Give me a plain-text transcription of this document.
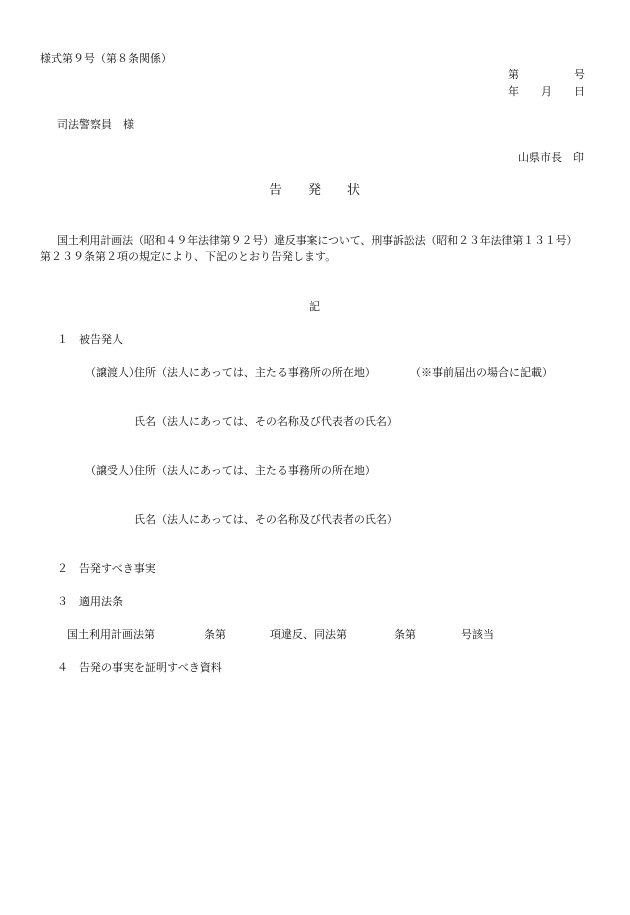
様式第９号（第８条関係）
第	号
年 月 日
司法警察員　様
山県市長　印
告　　発　　状
国土利用計画法（昭和４９年法律第９２号）違反事案について、刑事訴訟法（昭和２３年法律第１３１号）
第２３９条第２項の規定により、下記のとおり告発します。
記
１　被告発人
（譲渡人）
住所（法人にあっては、主たる事務所の所在地）	（※事前届出の場合に記載）
氏名（法人にあっては、その名称及び代表者の氏名）
（譲受人）
住所（法人にあっては、主たる事務所の所在地）
氏名（法人にあっては、その名称及び代表者の氏名）
２　告発すべき事実
３　適用法条
国土利用計画法第	条第	項違反、同法第	条第	号該当
４　告発の事実を証明すべき資料
